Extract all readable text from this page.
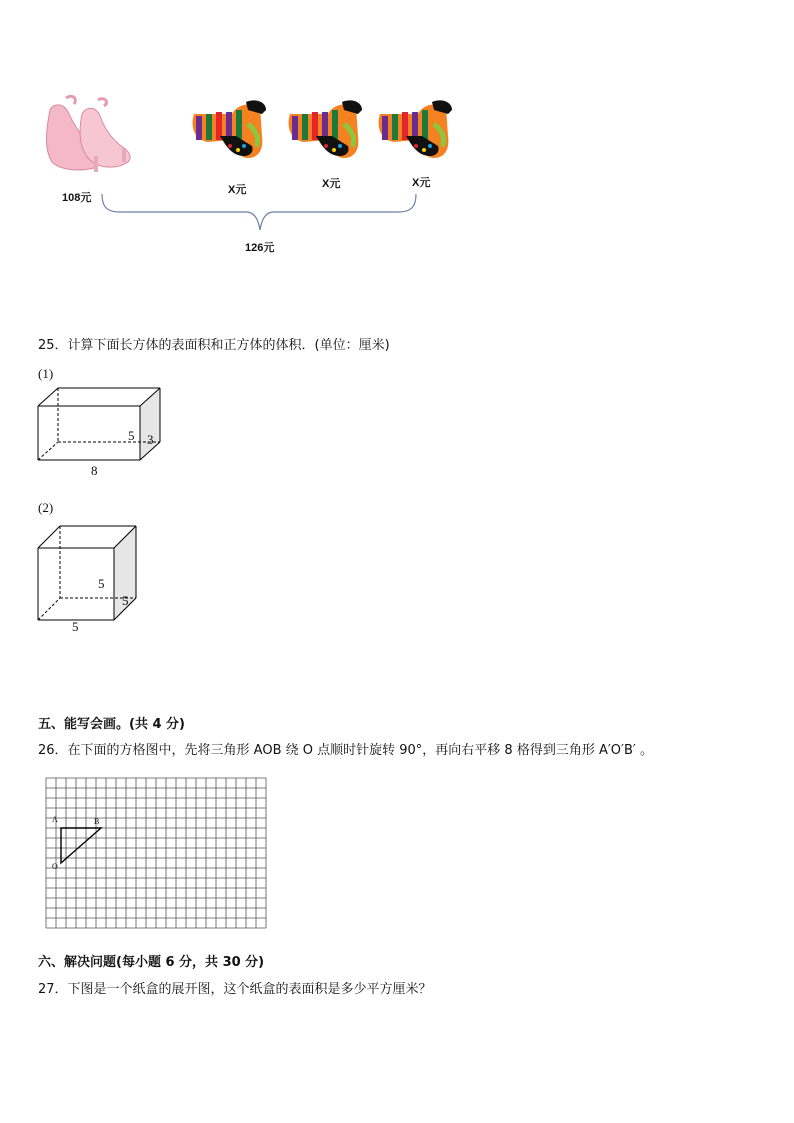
108元
X元	X元	X元
126元
25．计算下面长方体的表面积和正方体的体积．(单位：厘米)
(1)
5 3
8
(2)
5
5
5
五、能写会画。(共 4 分)
26．在下面的方格图中，先将三角形 AOB 绕 O 点顺时针旋转 90°，再向右平移 8 格得到三角形 A′O′B′ 。
A	B
O
六、解决问题(每小题 6 分，共 30 分)
27．下图是一个纸盒的展开图，这个纸盒的表面积是多少平方厘米？
